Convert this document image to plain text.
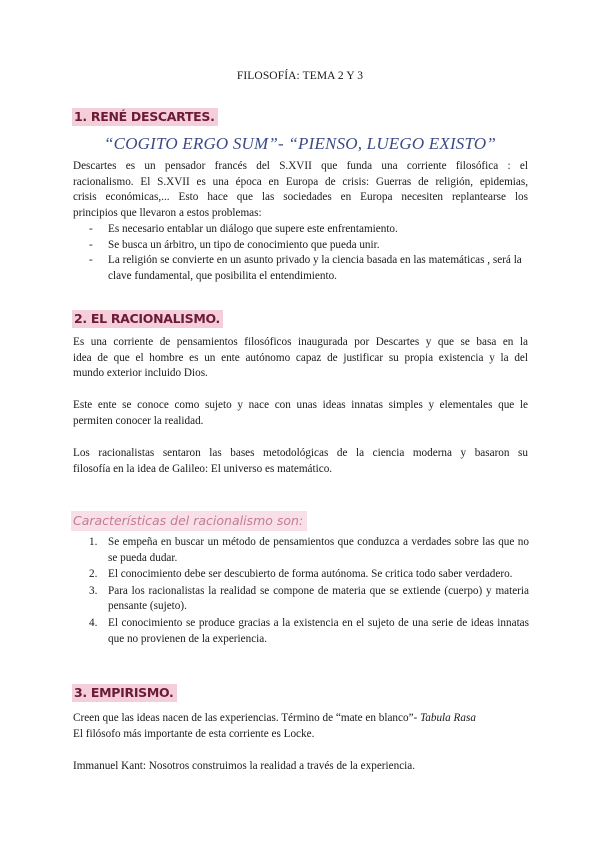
FILOSOFÍA: TEMA 2 Y 3
1. RENÉ DESCARTES.
“COGITO ERGO SUM”- “PIENSO, LUEGO EXISTO”
Descartes es un pensador francés del S.XVII que funda una corriente filosófica : el
racionalismo. El S.XVII es una época en Europa de crisis: Guerras de religión, epidemias,
crisis económicas,... Esto hace que las sociedades en Europa necesiten replantearse los
principios que llevaron a estos problemas:
- Es necesario entablar un diálogo que supere este enfrentamiento.
- Se busca un árbitro, un tipo de conocimiento que pueda unir.
- La religión se convierte en un asunto privado y la ciencia basada en las matemáticas , será la clave fundamental, que posibilita el entendimiento.
2. EL RACIONALISMO.
Es una corriente de pensamientos filosóficos inaugurada por Descartes y que se basa en la
idea de que el hombre es un ente autónomo capaz de justificar su propia existencia y la del
mundo exterior incluido Dios.
Este ente se conoce como sujeto y nace con unas ideas innatas simples y elementales que le
permiten conocer la realidad.
Los racionalistas sentaron las bases metodológicas de la ciencia moderna y basaron su
filosofía en la idea de Galileo: El universo es matemático.
Características del racionalismo son:
1. Se empeña en buscar un método de pensamientos que conduzca a verdades sobre las que no se pueda dudar.
2. El conocimiento debe ser descubierto de forma autónoma. Se critica todo saber verdadero.
3. Para los racionalistas la realidad se compone de materia que se extiende (cuerpo) y materia pensante (sujeto).
4. El conocimiento se produce gracias a la existencia en el sujeto de una serie de ideas innatas que no provienen de la experiencia.
3. EMPIRISMO.
Creen que las ideas nacen de las experiencias. Término de “mate en blanco”- Tabula Rasa
El filósofo más importante de esta corriente es Locke.
Immanuel Kant: Nosotros construimos la realidad a través de la experiencia.
